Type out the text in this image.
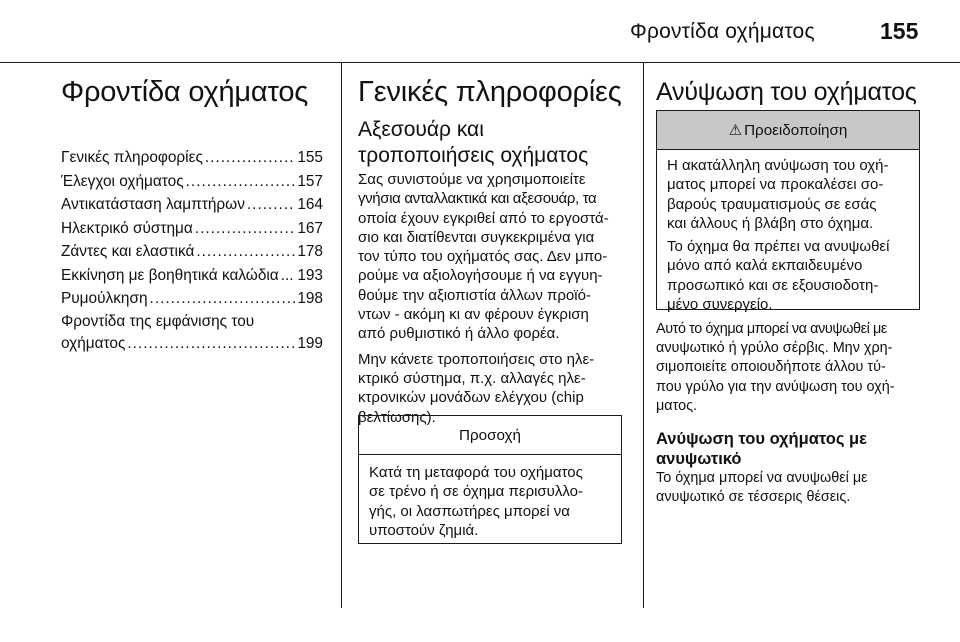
Φροντίδα οχήματος	155
Φροντίδα οχήματος
Γενικές πληροφορίες .....	155
Έλεγχοι οχήματος .....	157
Αντικατάσταση λαμπτήρων .....	164
Ηλεκτρικό σύστημα .....	167
Ζάντες και ελαστικά .....	178
Εκκίνηση με βοηθητικά καλώδια ..... 193
Ρυμούλκηση .....	198
Φροντίδα της εμφάνισης του
οχήματος .....	199
Γενικές πληροφορίες
Αξεσουάρ και
τροποποιήσεις οχήματος

Σας συνιστούμε να χρησιμοποιείτε
γνήσια ανταλλακτικά και αξεσουάρ, τα
οποία έχουν εγκριθεί από το εργοστά-
σιο και διατίθενται συγκεκριμένα για
τον τύπο του οχήματός σας. Δεν μπο-
ρούμε να αξιολογήσουμε ή να εγγυη-
θούμε την αξιοπιστία άλλων προϊό-
ντων - ακόμη κι αν φέρουν έγκριση
από ρυθμιστικό ή άλλο φορέα.

Μην κάνετε τροποποιήσεις στο ηλε-
κτρικό σύστημα, π.χ. αλλαγές ηλε-
κτρονικών μονάδων ελέγχου (chip
βελτίωσης).

Προσοχή

Κατά τη μεταφορά του οχήματος
σε τρένο ή σε όχημα περισυλλο-
γής, οι λασπωτήρες μπορεί να
υποστούν ζημιά.

Ανύψωση του οχήματος
⚠ Προειδοποίηση

Η ακατάλληλη ανύψωση του οχή-
ματος μπορεί να προκαλέσει σο-
βαρούς τραυματισμούς σε εσάς
και άλλους ή βλάβη στο όχημα.

Το όχημα θα πρέπει να ανυψωθεί
μόνο από καλά εκπαιδευμένο
προσωπικό και σε εξουσιοδοτη-
μένο συνεργείο.

Αυτό το όχημα μπορεί να ανυψωθεί με
ανυψωτικό ή γρύλο σέρβις. Μην χρη-
σιμοποιείτε οποιουδήποτε άλλου τύ-
που γρύλο για την ανύψωση του οχή-
ματος.

Ανύψωση του οχήματος με
ανυψωτικό

Το όχημα μπορεί να ανυψωθεί με
ανυψωτικό σε τέσσερις θέσεις.
